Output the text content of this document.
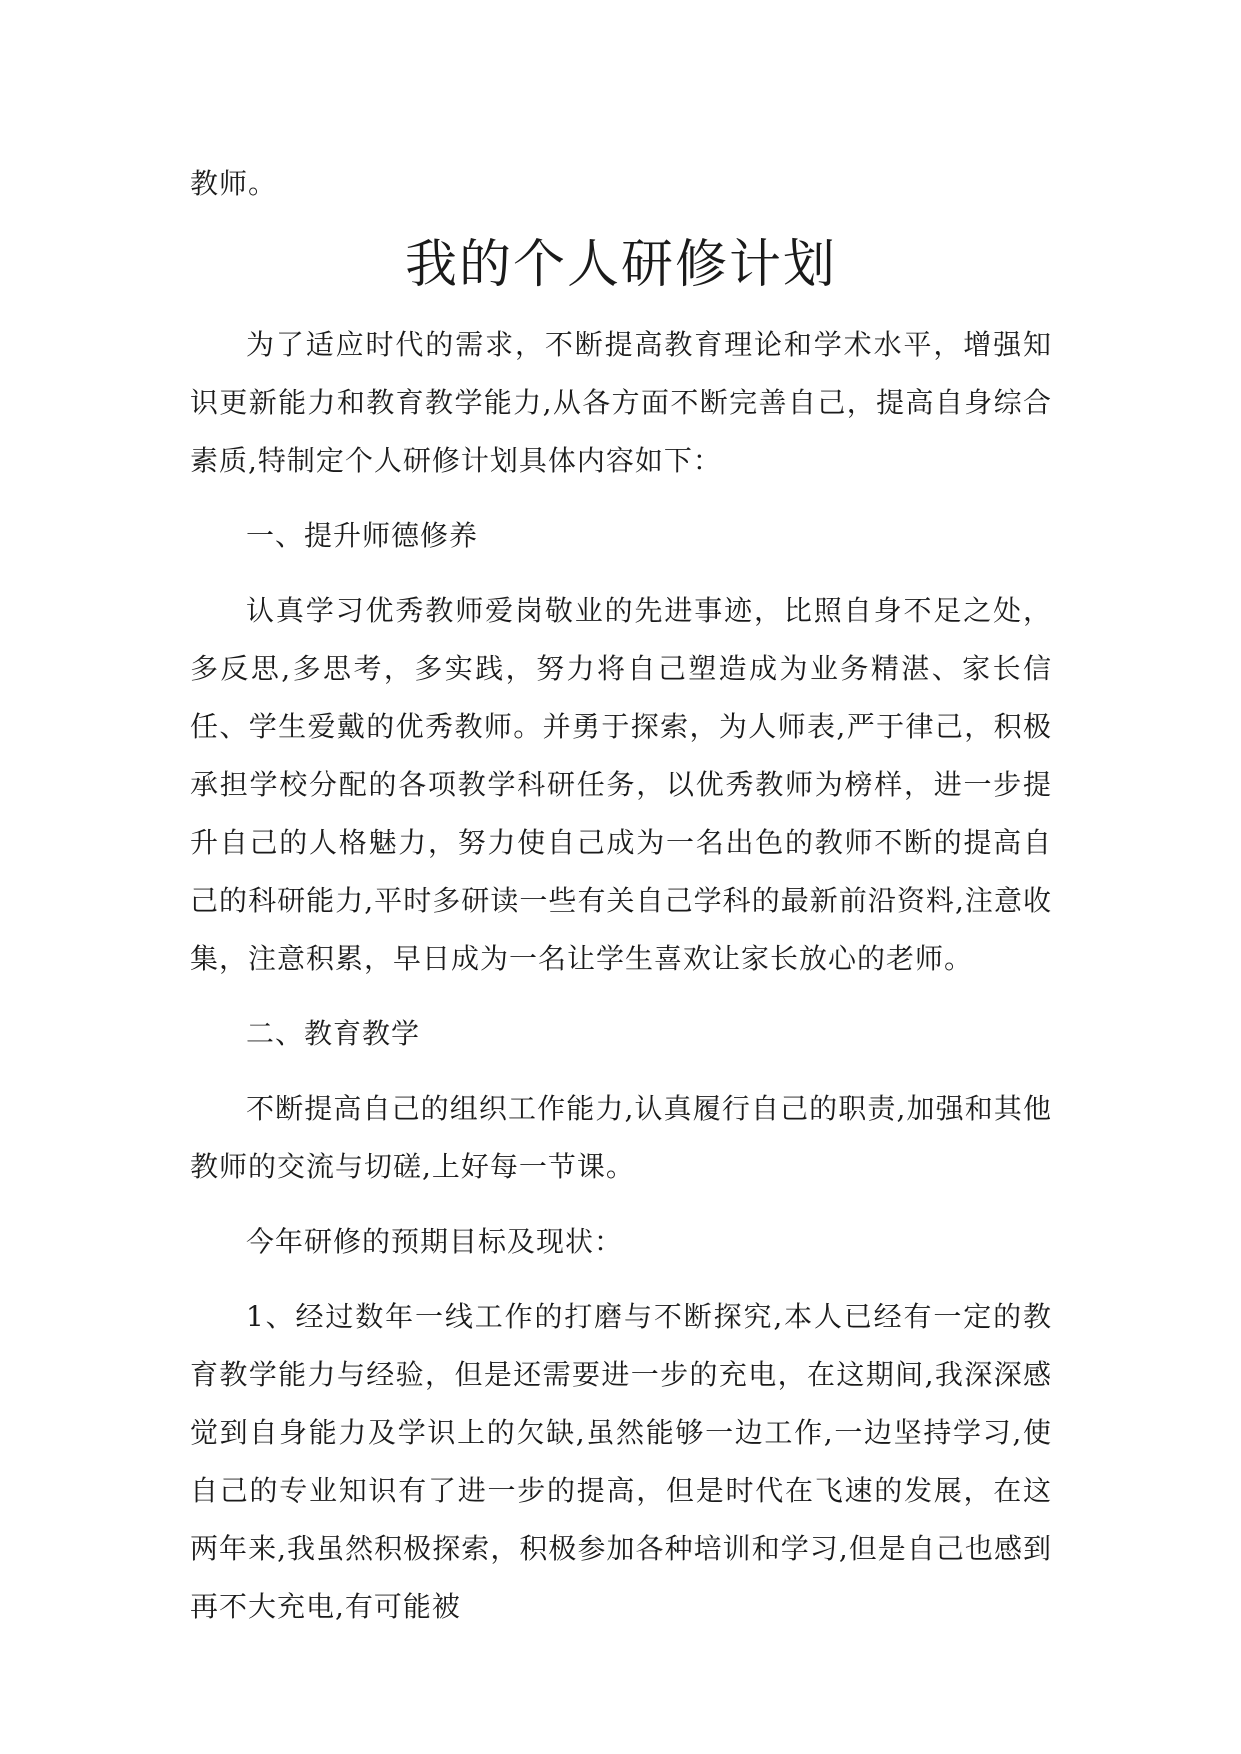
教师。
我的个人研修计划

为了适应时代的需求，不断提高教育理论和学术水平，增强知识更新能力和教育教学能力,从各方面不断完善自己，提高自身综合素质,特制定个人研修计划具体内容如下：

一、提升师德修养

认真学习优秀教师爱岗敬业的先进事迹，比照自身不足之处，多反思,多思考，多实践，努力将自己塑造成为业务精湛、家长信任、学生爱戴的优秀教师。并勇于探索，为人师表,严于律己，积极承担学校分配的各项教学科研任务，以优秀教师为榜样，进一步提升自己的人格魅力，努力使自己成为一名出色的教师不断的提高自己的科研能力,平时多研读一些有关自己学科的最新前沿资料,注意收集，注意积累，早日成为一名让学生喜欢让家长放心的老师。

二、教育教学

不断提高自己的组织工作能力,认真履行自己的职责,加强和其他教师的交流与切磋,上好每一节课。

今年研修的预期目标及现状：

1、经过数年一线工作的打磨与不断探究,本人已经有一定的教育教学能力与经验，但是还需要进一步的充电，在这期间,我深深感觉到自身能力及学识上的欠缺,虽然能够一边工作,一边坚持学习,使自己的专业知识有了进一步的提高，但是时代在飞速的发展，在这两年来,我虽然积极探索，积极参加各种培训和学习,但是自己也感到再不大充电,有可能被
